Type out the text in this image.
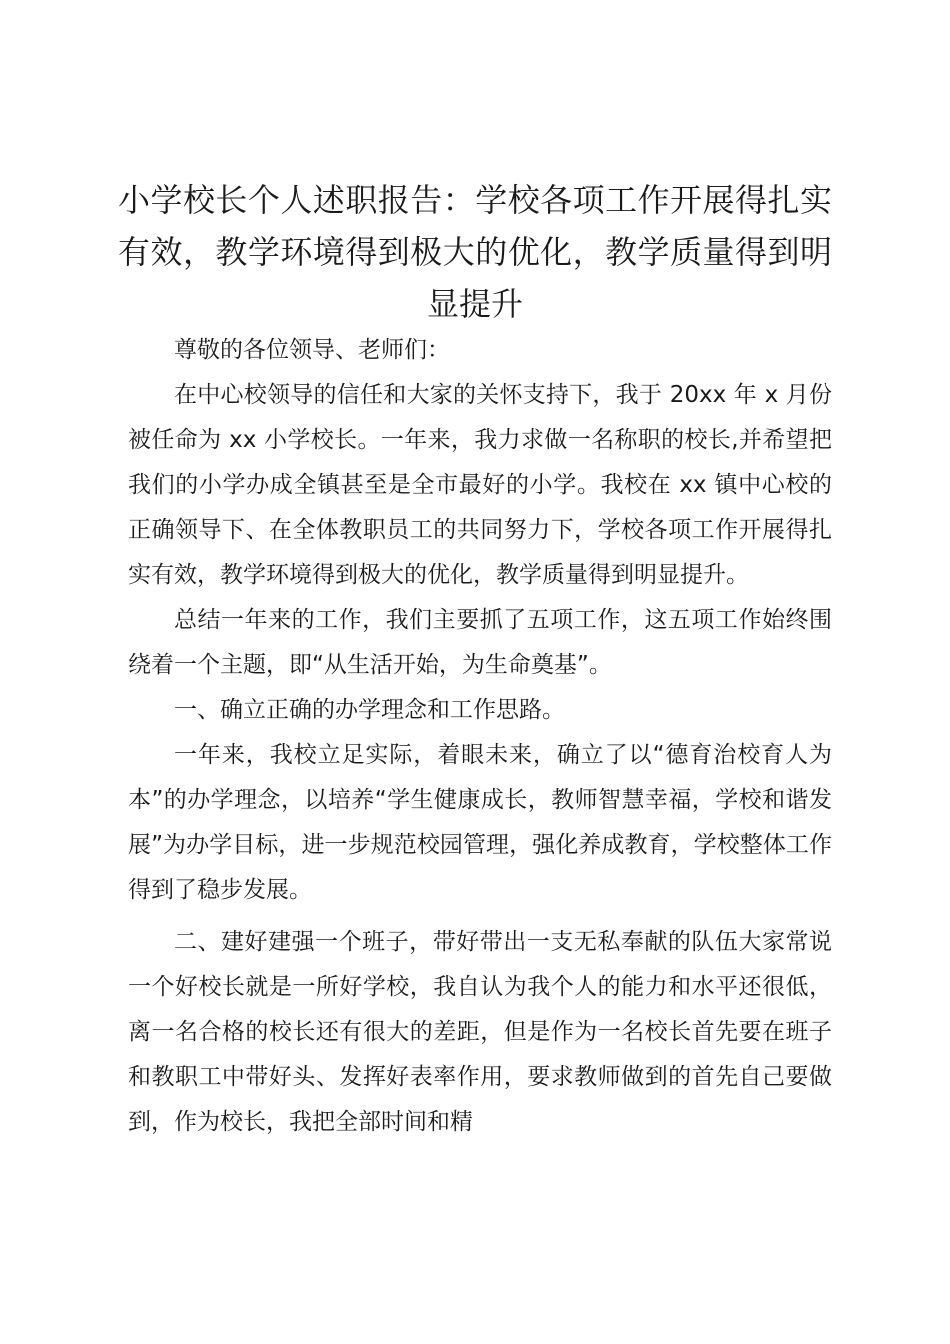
小学校长个人述职报告：学校各项工作开展得扎实有效，教学环境得到极大的优化，教学质量得到明显提升

尊敬的各位领导、老师们：

在中心校领导的信任和大家的关怀支持下，我于 20xx 年 x 月份被任命为 xx 小学校长。一年来，我力求做一名称职的校长,并希望把我们的小学办成全镇甚至是全市最好的小学。我校在 xx 镇中心校的正确领导下、在全体教职员工的共同努力下，学校各项工作开展得扎实有效，教学环境得到极大的优化，教学质量得到明显提升。

总结一年来的工作，我们主要抓了五项工作，这五项工作始终围绕着一个主题，即“从生活开始，为生命奠基”。

一、确立正确的办学理念和工作思路。

一年来，我校立足实际，着眼未来，确立了以“德育治校育人为本”的办学理念，以培养“学生健康成长，教师智慧幸福，学校和谐发展”为办学目标，进一步规范校园管理，强化养成教育，学校整体工作得到了稳步发展。

二、建好建强一个班子，带好带出一支无私奉献的队伍大家常说一个好校长就是一所好学校，我自认为我个人的能力和水平还很低，离一名合格的校长还有很大的差距，但是作为一名校长首先要在班子和教职工中带好头、发挥好表率作用，要求教师做到的首先自己要做到，作为校长，我把全部时间和精
